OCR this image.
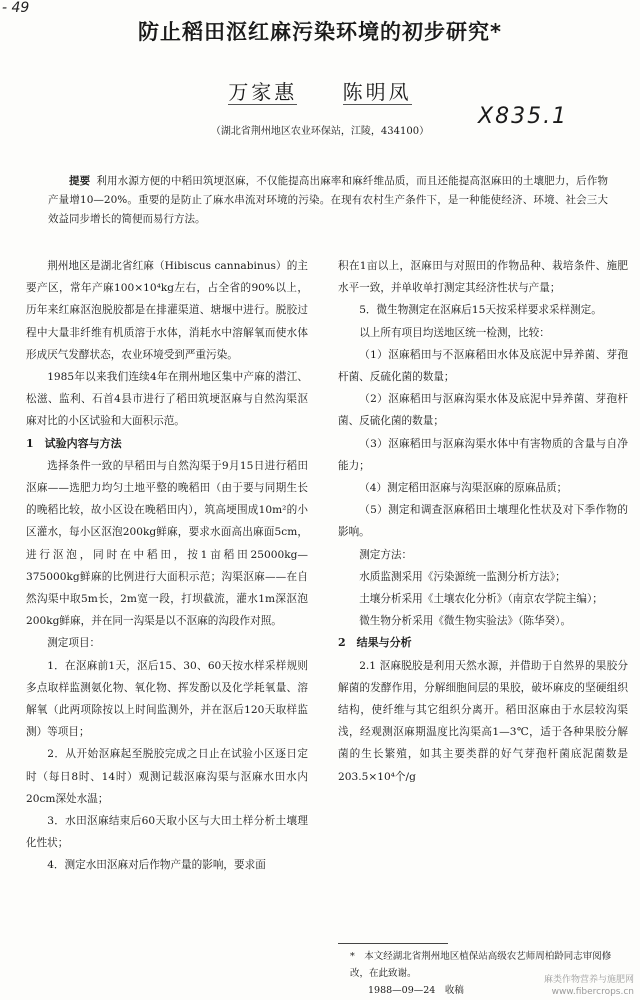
- 49
防止稻田沤红麻污染环境的初步研究*
万家惠 陈明凤
X835.1
（湖北省荆州地区农业环保站，江陵，434100）
提要 利用水源方便的中稻田筑埂沤麻，不仅能提高出麻率和麻纤维品质，而且还能提高沤麻田的土壤肥力，后作物产量增10—20%。重要的是防止了麻水串流对环境的污染。在现有农村生产条件下，是一种能使经济、环境、社会三大效益同步增长的简便而易行方法。

荆州地区是湖北省红麻（Hibiscus cannabinus）的主要产区，常年产麻100×10⁴kg左右，占全省的90%以上，历年来红麻沤泡脱胶都是在排灌渠道、塘堰中进行。脱胶过程中大量非纤维有机质溶于水体，消耗水中溶解氧而使水体形成厌气发酵状态，农业环境受到严重污染。

1985年以来我们连续4年在荆州地区集中产麻的潜江、松滋、监利、石首4县市进行了稻田筑埂沤麻与自然沟渠沤麻对比的小区试验和大面积示范。

1　试验内容与方法

选择条件一致的早稻田与自然沟渠于9月15日进行稻田沤麻——选肥力均匀土地平整的晚稻田（由于要与同期生长的晚稻比较，故小区设在晚稻田内），筑高埂围成10m²的小区灌水，每小区沤泡200kg鲜麻，要求水面高出麻面5cm，进行沤泡，同时在中稻田，按1亩稻田25000kg—375000kg鲜麻的比例进行大面积示范；沟渠沤麻——在自然沟渠中取5m长，2m宽一段，打坝截流，灌水1m深沤泡200kg鲜麻，并在同一沟渠是以不沤麻的沟段作对照。

测定项目：

1．在沤麻前1天，沤后15、30、60天按水样采样规则多点取样监测氨化物、氧化物、挥发酚以及化学耗氧量、溶解氧（此两项除按以上时间监测外，并在沤后120天取样监测）等项目；

2．从开始沤麻起至脱胶完成之日止在试验小区逐日定时（每日8时、14时）观测记载沤麻沟渠与沤麻水田水内20cm深处水温；

3．水田沤麻结束后60天取小区与大田土样分析土壤理化性状；

4．测定水田沤麻对后作物产量的影响，要求面

积在1亩以上，沤麻田与对照田的作物品种、栽培条件、施肥水平一致，并单收单打测定其经济性状与产量；

5．微生物测定在沤麻后15天按采样要求采样测定。

以上所有项目均送地区统一检测，比较：

（1）沤麻稻田与不沤麻稻田水体及底泥中异养菌、芽孢杆菌、反硫化菌的数量；

（2）沤麻稻田与沤麻沟渠水体及底泥中异养菌、芽孢杆菌、反硫化菌的数量；

（3）沤麻稻田与沤麻沟渠水体中有害物质的含量与自净能力；

（4）测定稻田沤麻与沟渠沤麻的原麻品质；

（5）测定和调查沤麻稻田土壤理化性状及对下季作物的影响。

测定方法：

水质监测采用《污染源统一监测分析方法》；

土壤分析采用《土壤农化分析》（南京农学院主编）；

微生物分析采用《微生物实验法》（陈华癸）。

2　结果与分析

2.1 沤麻脱胶是利用天然水源，并借助于自然界的果胶分解菌的发酵作用，分解细胞间层的果胶，破坏麻皮的坚硬组织结构，使纤维与其它组织分离开。稻田沤麻由于水层较沟渠浅，经观测沤麻期温度比沟渠高1—3℃，适于各种果胶分解菌的生长繁殖，如其主要类群的好气芽孢杆菌底泥菌数是203.5×10⁴个/g

*　本文经湖北省荆州地区植保站高级农艺师周柏龄同志审阅修改，在此致谢。
1988—09—24　收稿
麻类作物营养与施肥网
www.fibercrops.cn
